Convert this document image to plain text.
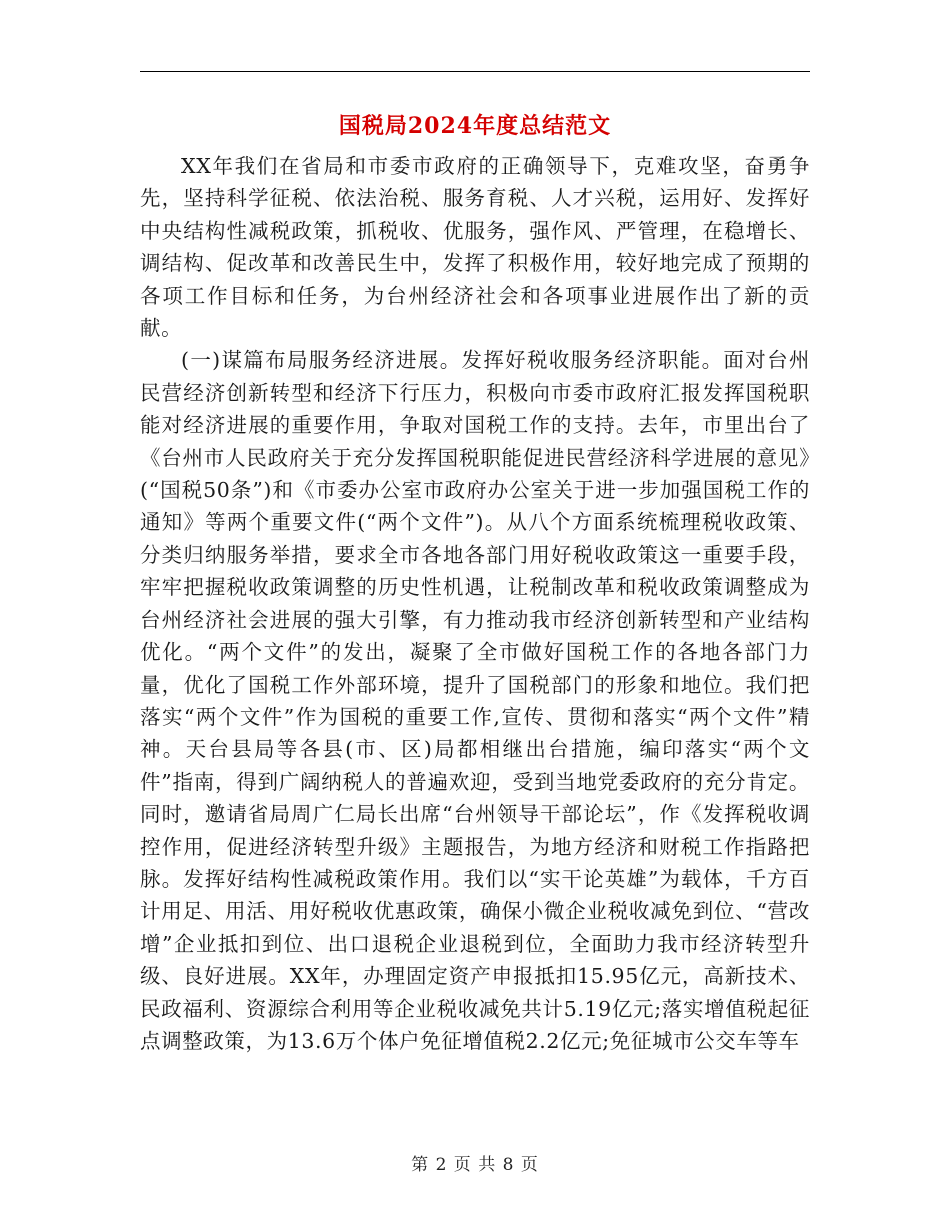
国税局2024年度总结范文

XX年我们在省局和市委市政府的正确领导下，克难攻坚，奋勇争先，坚持科学征税、依法治税、服务育税、人才兴税，运用好、发挥好中央结构性减税政策，抓税收、优服务，强作风、严管理，在稳增长、调结构、促改革和改善民生中，发挥了积极作用，较好地完成了预期的各项工作目标和任务，为台州经济社会和各项事业进展作出了新的贡献。

(一)谋篇布局服务经济进展。发挥好税收服务经济职能。面对台州民营经济创新转型和经济下行压力，积极向市委市政府汇报发挥国税职能对经济进展的重要作用，争取对国税工作的支持。去年，市里出台了《台州市人民政府关于充分发挥国税职能促进民营经济科学进展的意见》(“国税50条”)和《市委办公室市政府办公室关于进一步加强国税工作的通知》等两个重要文件(“两个文件”)。从八个方面系统梳理税收政策、分类归纳服务举措，要求全市各地各部门用好税收政策这一重要手段，牢牢把握税收政策调整的历史性机遇，让税制改革和税收政策调整成为台州经济社会进展的强大引擎，有力推动我市经济创新转型和产业结构优化。“两个文件”的发出，凝聚了全市做好国税工作的各地各部门力量，优化了国税工作外部环境，提升了国税部门的形象和地位。我们把落实“两个文件”作为国税的重要工作,宣传、贯彻和落实“两个文件”精神。天台县局等各县(市、区)局都相继出台措施，编印落实“两个文件”指南，得到广阔纳税人的普遍欢迎，受到当地党委政府的充分肯定。同时，邀请省局周广仁局长出席“台州领导干部论坛”，作《发挥税收调控作用，促进经济转型升级》主题报告，为地方经济和财税工作指路把脉。发挥好结构性减税政策作用。我们以“实干论英雄”为载体，千方百计用足、用活、用好税收优惠政策，确保小微企业税收减免到位、“营改增”企业抵扣到位、出口退税企业退税到位，全面助力我市经济转型升级、良好进展。XX年，办理固定资产申报抵扣15.95亿元，高新技术、民政福利、资源综合利用等企业税收减免共计5.19亿元;落实增值税起征点调整政策，为13.6万个体户免征增值税2.2亿元;免征城市公交车等车

第 2 页 共 8 页
